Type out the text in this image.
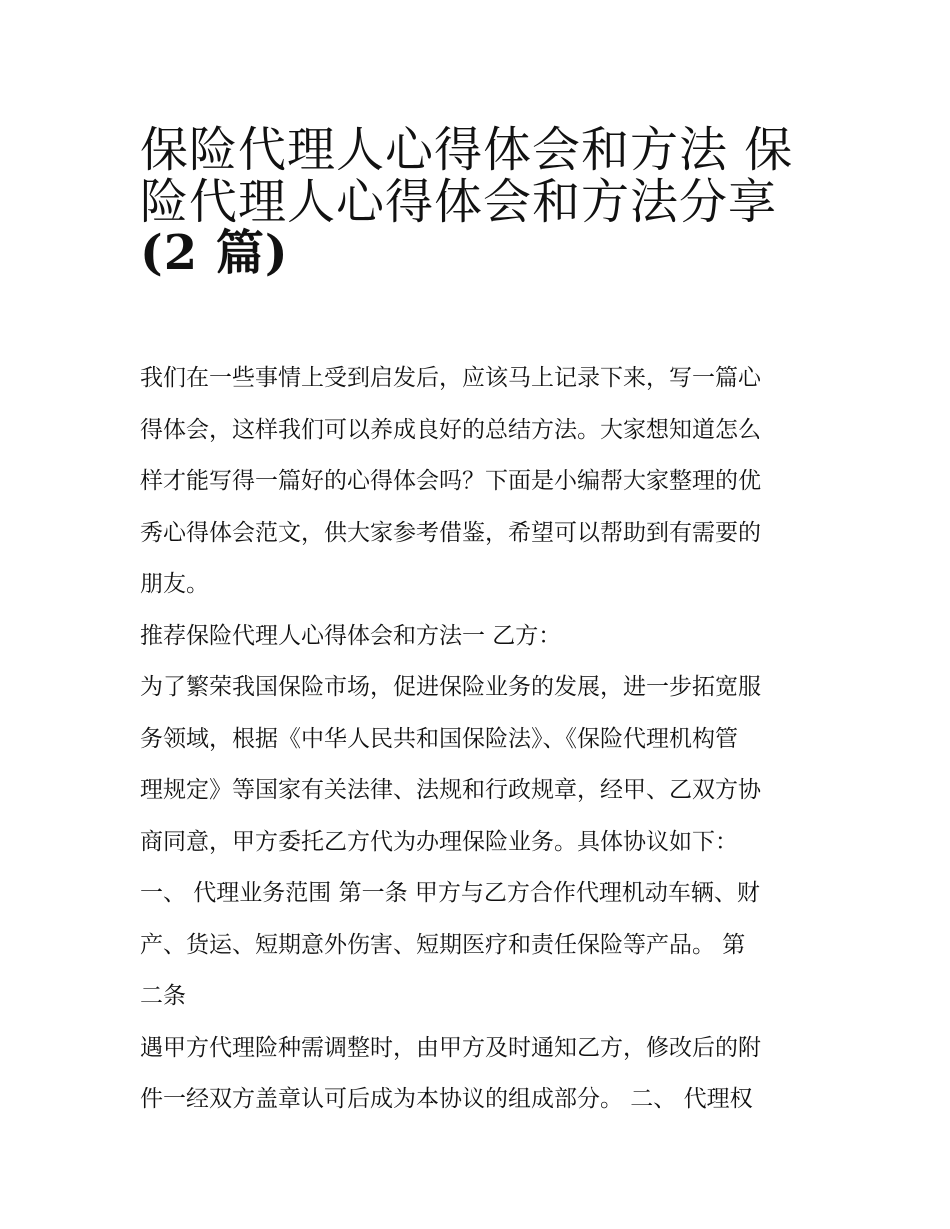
保险代理人心得体会和方法 保
险代理人心得体会和方法分享
(2 篇)
我们在一些事情上受到启发后，应该马上记录下来，写一篇心
得体会，这样我们可以养成良好的总结方法。大家想知道怎么
样才能写得一篇好的心得体会吗？下面是小编帮大家整理的优
秀心得体会范文，供大家参考借鉴，希望可以帮助到有需要的
朋友。
推荐保险代理人心得体会和方法一 乙方：
为了繁荣我国保险市场，促进保险业务的发展，进一步拓宽服
务领域，根据《中华人民共和国保险法》、《保险代理机构管
理规定》等国家有关法律、法规和行政规章，经甲、乙双方协
商同意，甲方委托乙方代为办理保险业务。具体协议如下：
一、 代理业务范围 第一条 甲方与乙方合作代理机动车辆、财
产、货运、短期意外伤害、短期医疗和责任保险等产品。 第
二条
遇甲方代理险种需调整时，由甲方及时通知乙方，修改后的附
件一经双方盖章认可后成为本协议的组成部分。 二、 代理权
